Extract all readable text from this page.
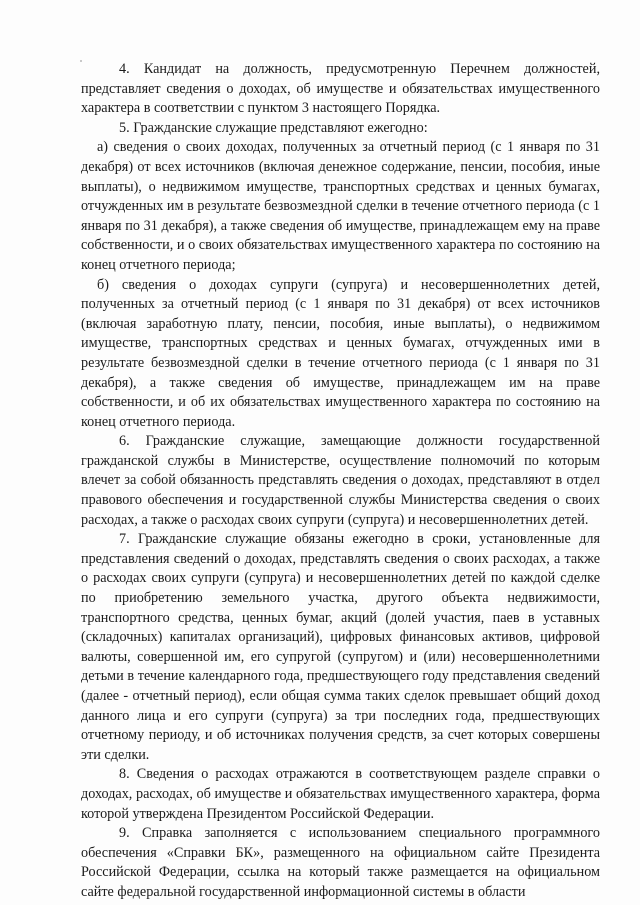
4. Кандидат на должность, предусмотренную Перечнем должностей, представляет сведения о доходах, об имуществе и обязательствах имущественного характера в соответствии с пунктом 3 настоящего Порядка.

5. Гражданские служащие представляют ежегодно:

а) сведения о своих доходах, полученных за отчетный период (с 1 января по 31 декабря) от всех источников (включая денежное содержание, пенсии, пособия, иные выплаты), о недвижимом имуществе, транспортных средствах и ценных бумагах, отчужденных им в результате безвозмездной сделки в течение отчетного периода (с 1 января по 31 декабря), а также сведения об имуществе, принадлежащем ему на праве собственности, и о своих обязательствах имущественного характера по состоянию на конец отчетного периода;

б) сведения о доходах супруги (супруга) и несовершеннолетних детей, полученных за отчетный период (с 1 января по 31 декабря) от всех источников (включая заработную плату, пенсии, пособия, иные выплаты), о недвижимом имуществе, транспортных средствах и ценных бумагах, отчужденных ими в результате безвозмездной сделки в течение отчетного периода (с 1 января по 31 декабря), а также сведения об имуществе, принадлежащем им на праве собственности, и об их обязательствах имущественного характера по состоянию на конец отчетного периода.

6. Гражданские служащие, замещающие должности государственной гражданской службы в Министерстве, осуществление полномочий по которым влечет за собой обязанность представлять сведения о доходах, представляют в отдел правового обеспечения и государственной службы Министерства сведения о своих расходах, а также о расходах своих супруги (супруга) и несовершеннолетних детей.

7. Гражданские служащие обязаны ежегодно в сроки, установленные для представления сведений о доходах, представлять сведения о своих расходах, а также о расходах своих супруги (супруга) и несовершеннолетних детей по каждой сделке по приобретению земельного участка, другого объекта недвижимости, транспортного средства, ценных бумаг, акций (долей участия, паев в уставных (складочных) капиталах организаций), цифровых финансовых активов, цифровой валюты, совершенной им, его супругой (супругом) и (или) несовершеннолетними детьми в течение календарного года, предшествующего году представления сведений (далее - отчетный период), если общая сумма таких сделок превышает общий доход данного лица и его супруги (супруга) за три последних года, предшествующих отчетному периоду, и об источниках получения средств, за счет которых совершены эти сделки.

8. Сведения о расходах отражаются в соответствующем разделе справки о доходах, расходах, об имуществе и обязательствах имущественного характера, форма которой утверждена Президентом Российской Федерации.

9. Справка заполняется с использованием специального программного обеспечения «Справки БК», размещенного на официальном сайте Президента Российской Федерации, ссылка на который также размещается на официальном сайте федеральной государственной информационной системы в области
